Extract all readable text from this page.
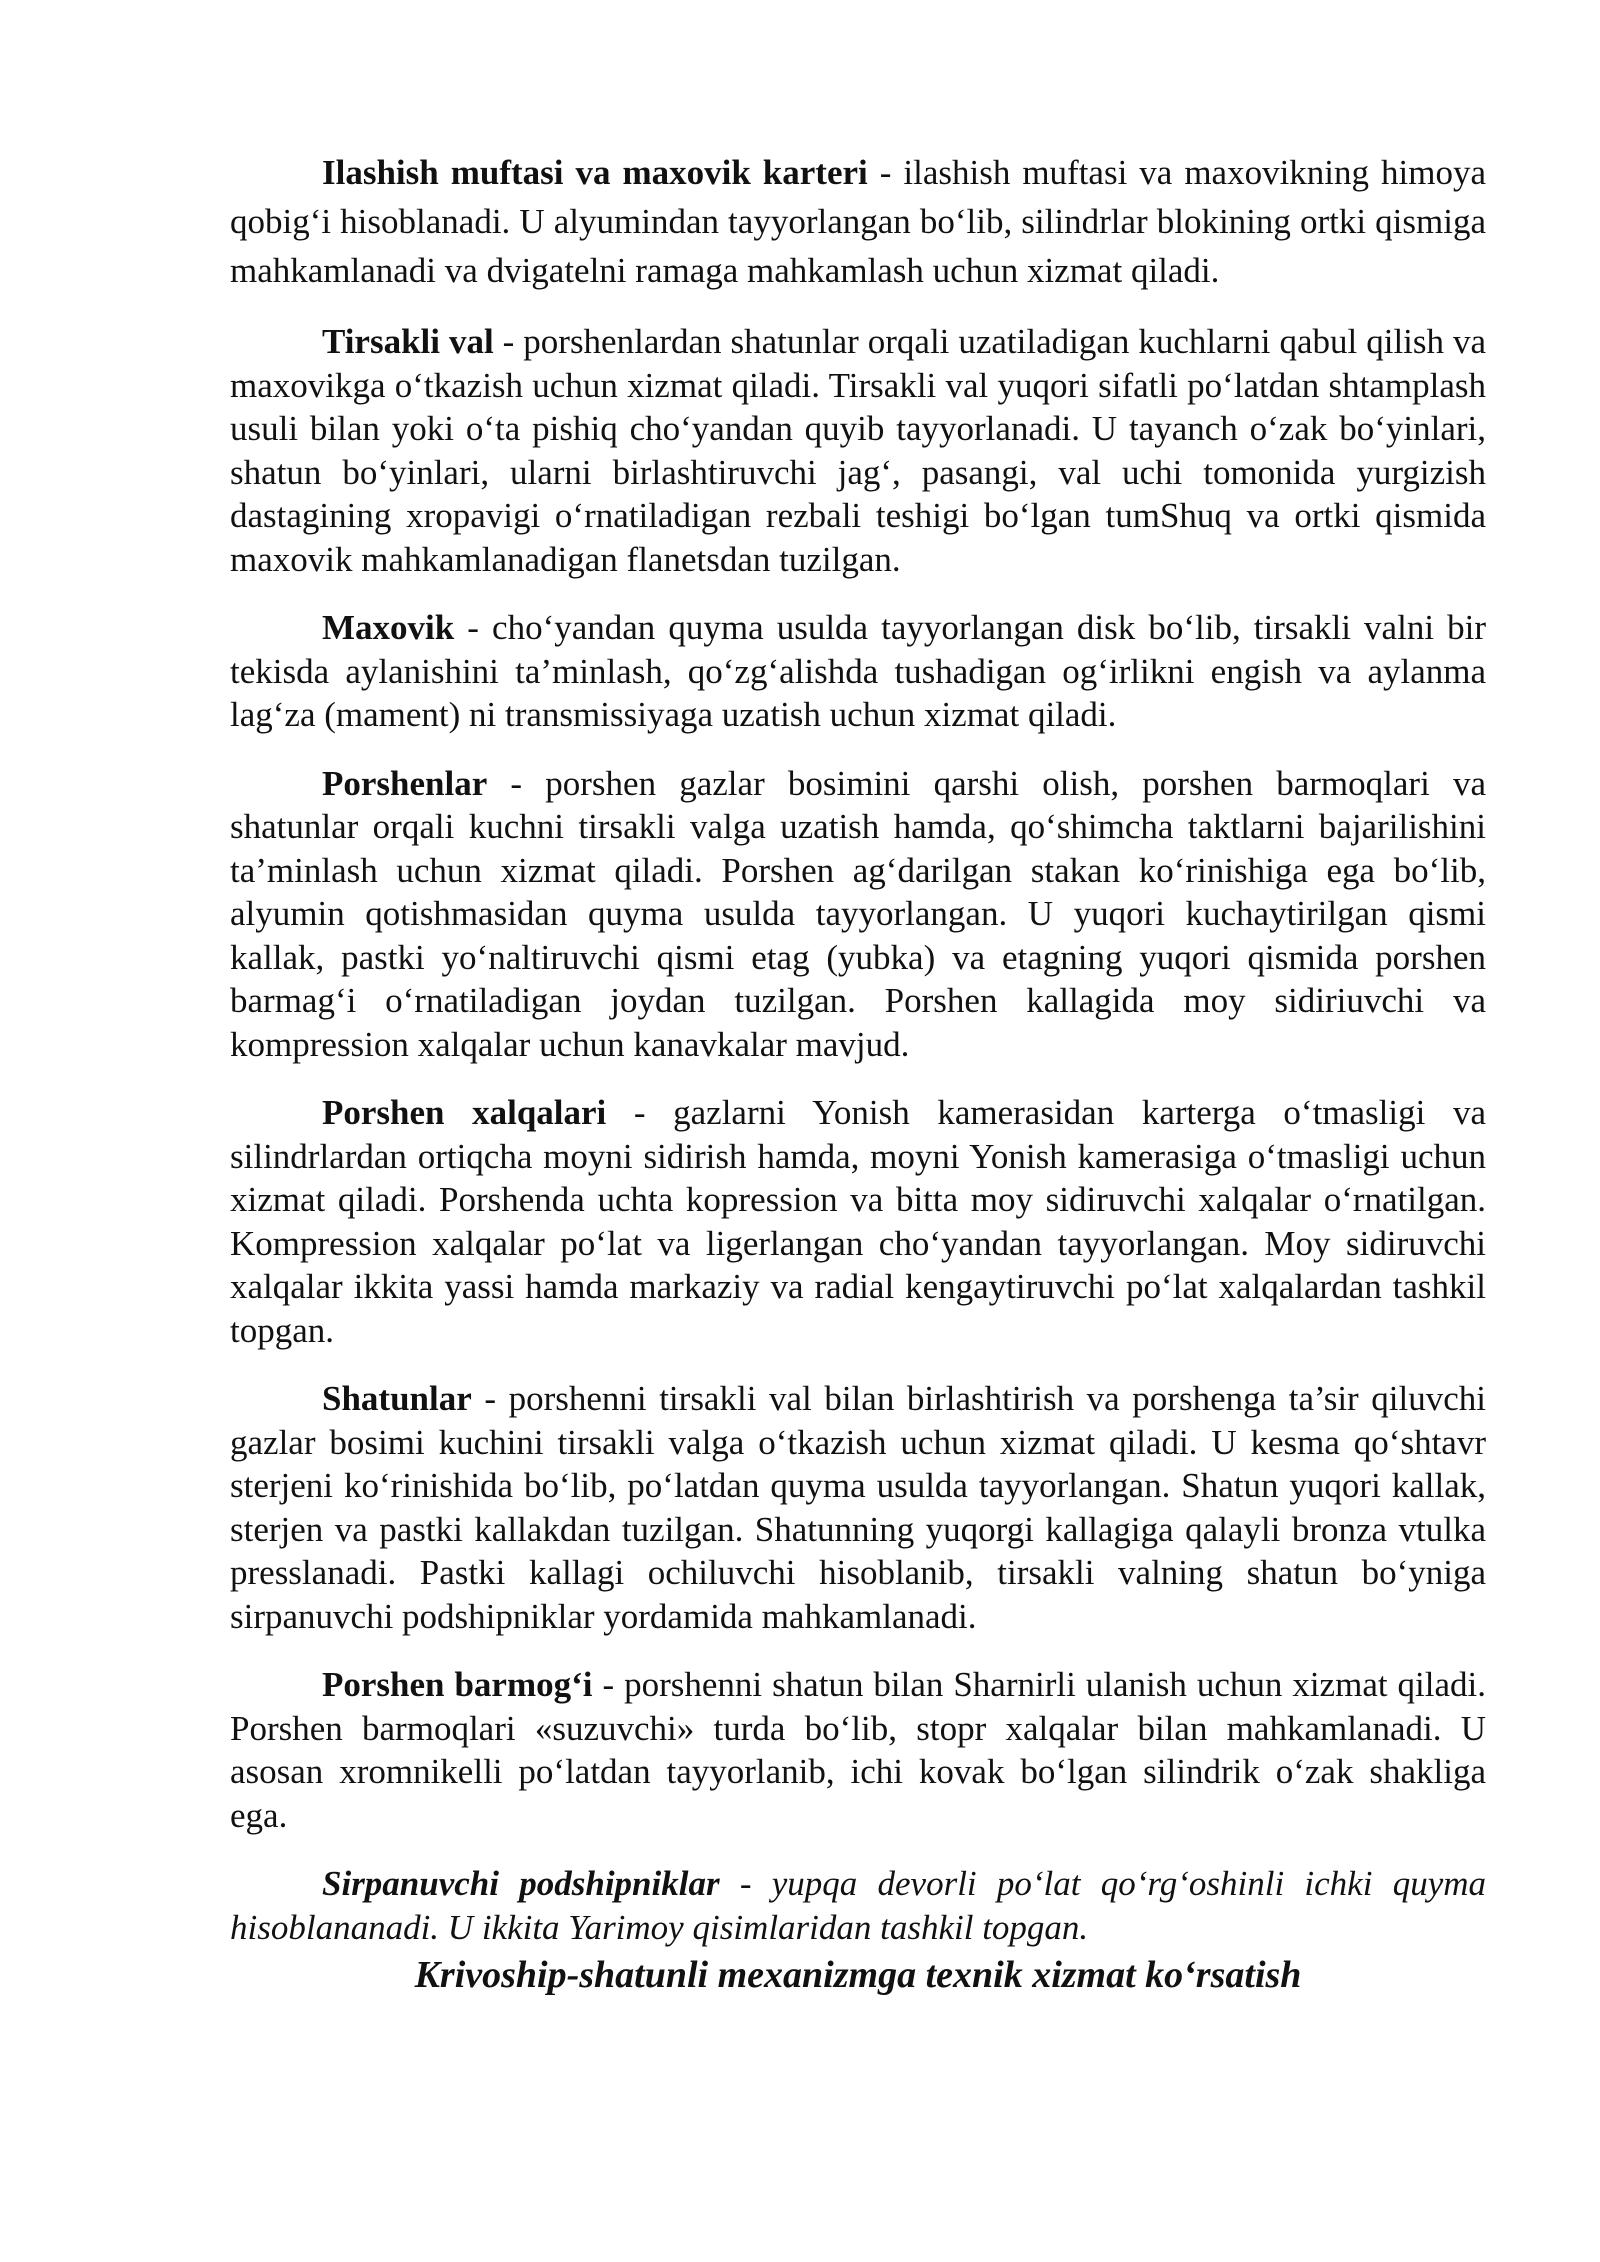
Ilashish muftasi va maxovik karteri - ilashish muftasi va maxovikning himoya qobig‘i hisoblanadi. U alyumindan tayyorlangan bo‘lib, silindrlar blokining ortki qismiga mahkamlanadi va dvigatelni ramaga mahkamlash uchun xizmat qiladi.

Tirsakli val - porshenlardan shatunlar orqali uzatiladigan kuchlarni qabul qilish va maxovikga o‘tkazish uchun xizmat qiladi. Tirsakli val yuqori sifatli po‘latdan shtamplash usuli bilan yoki o‘ta pishiq cho‘yandan quyib tayyorlanadi. U tayanch o‘zak bo‘yinlari, shatun bo‘yinlari, ularni birlashtiruvchi jag‘, pasangi, val uchi tomonida yurgizish dastagining xropavigi o‘rnatiladigan rezbali teshigi bo‘lgan tumShuq va ortki qismida maxovik mahkamlanadigan flanetsdan tuzilgan.

Maxovik - cho‘yandan quyma usulda tayyorlangan disk bo‘lib, tirsakli valni bir tekisda aylanishini ta’minlash, qo‘zg‘alishda tushadigan og‘irlikni engish va aylanma lag‘za (mament) ni transmissiyaga uzatish uchun xizmat qiladi.

Porshenlar - porshen gazlar bosimini qarshi olish, porshen barmoqlari va shatunlar orqali kuchni tirsakli valga uzatish hamda, qo‘shimcha taktlarni bajarilishini ta’minlash uchun xizmat qiladi. Porshen ag‘darilgan stakan ko‘rinishiga ega bo‘lib, alyumin qotishmasidan quyma usulda tayyorlangan. U yuqori kuchaytirilgan qismi kallak, pastki yo‘naltiruvchi qismi etag (yubka) va etagning yuqori qismida porshen barmag‘i o‘rnatiladigan joydan tuzilgan. Porshen kallagida moy sidiriuvchi va kompression xalqalar uchun kanavkalar mavjud.

Porshen xalqalari - gazlarni Yonish kamerasidan karterga o‘tmasligi va silindrlardan ortiqcha moyni sidirish hamda, moyni Yonish kamerasiga o‘tmasligi uchun xizmat qiladi. Porshenda uchta kopression va bitta moy sidiruvchi xalqalar o‘rnatilgan. Kompression xalqalar po‘lat va ligerlangan cho‘yandan tayyorlangan. Moy sidiruvchi xalqalar ikkita yassi hamda markaziy va radial kengaytiruvchi po‘lat xalqalardan tashkil topgan.

Shatunlar - porshenni tirsakli val bilan birlashtirish va porshenga ta’sir qiluvchi gazlar bosimi kuchini tirsakli valga o‘tkazish uchun xizmat qiladi. U kesma qo‘shtavr sterjeni ko‘rinishida bo‘lib, po‘latdan quyma usulda tayyorlangan. Shatun yuqori kallak, sterjen va pastki kallakdan tuzilgan. Shatunning yuqorgi kallagiga qalayli bronza vtulka presslanadi. Pastki kallagi ochiluvchi hisoblanib, tirsakli valning shatun bo‘yniga sirpanuvchi podshipniklar yordamida mahkamlanadi.

Porshen barmog‘i - porshenni shatun bilan Sharnirli ulanish uchun xizmat qiladi. Porshen barmoqlari «suzuvchi» turda bo‘lib, stopr xalqalar bilan mahkamlanadi. U asosan xromnikelli po‘latdan tayyorlanib, ichi kovak bo‘lgan silindrik o‘zak shakliga ega.

Sirpanuvchi podshipniklar - yupqa devorli po‘lat qo‘rg‘oshinli ichki quyma hisoblananadi. U ikkita Yarimoy qisimlaridan tashkil topgan.

Krivoship-shatunli mexanizmga texnik xizmat ko‘rsatish
